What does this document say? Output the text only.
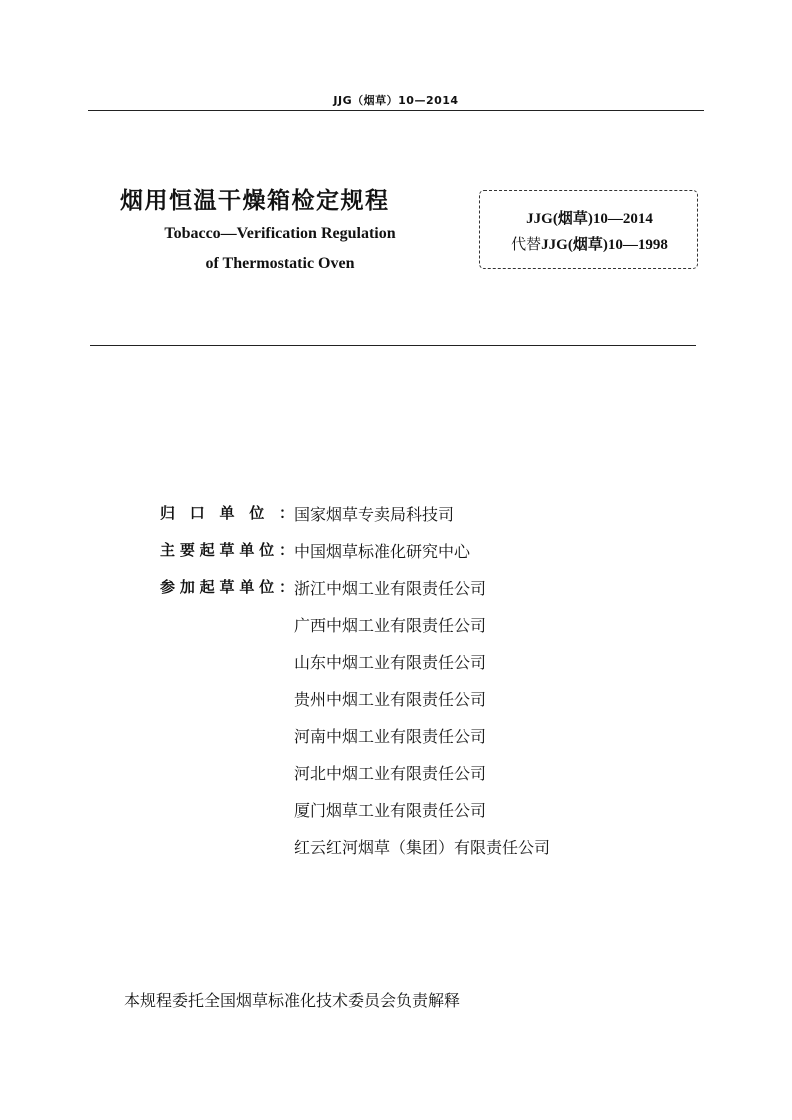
JJG（烟草）10—2014
烟用恒温干燥箱检定规程
Tobacco—Verification Regulation
of Thermostatic Oven
JJG(烟草)10—2014
代替JJG(烟草)10—1998
归口单位： 国家烟草专卖局科技司
主要起草单位： 中国烟草标准化研究中心
参加起草单位： 浙江中烟工业有限责任公司
广西中烟工业有限责任公司
山东中烟工业有限责任公司
贵州中烟工业有限责任公司
河南中烟工业有限责任公司
河北中烟工业有限责任公司
厦门烟草工业有限责任公司
红云红河烟草（集团）有限责任公司
本规程委托全国烟草标准化技术委员会负责解释
